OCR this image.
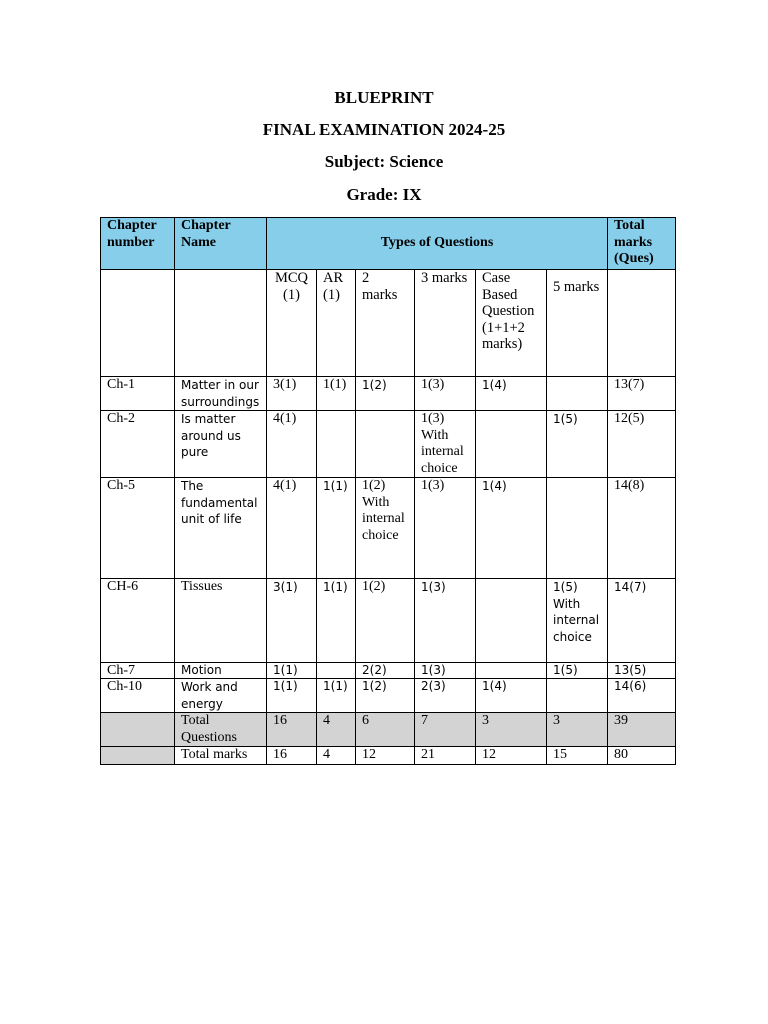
BLUEPRINT

FINAL EXAMINATION 2024-25

Subject: Science

Grade: IX

Chapter number	Chapter Name	Types of Questions						Total marks (Ques)
		MCQ (1)	AR (1)	2 marks	3 marks	Case Based Question (1+1+2 marks)	5 marks	
Ch-1	Matter in our surroundings	3(1)	1(1)	1(2)	1(3)	1(4)		13(7)
Ch-2	Is matter around us pure	4(1)			1(3) With internal choice		1(5)	12(5)
Ch-5	The fundamental unit of life	4(1)	1(1)	1(2) With internal choice	1(3)	1(4)		14(8)
CH-6	Tissues	3(1)	1(1)	1(2)	1(3)		1(5) With internal choice	14(7)
Ch-7	Motion	1(1)		2(2)	1(3)		1(5)	13(5)
Ch-10	Work and energy	1(1)	1(1)	1(2)	2(3)	1(4)		14(6)
	Total Questions	16	4	6	7	3	3	39
	Total marks	16	4	12	21	12	15	80
